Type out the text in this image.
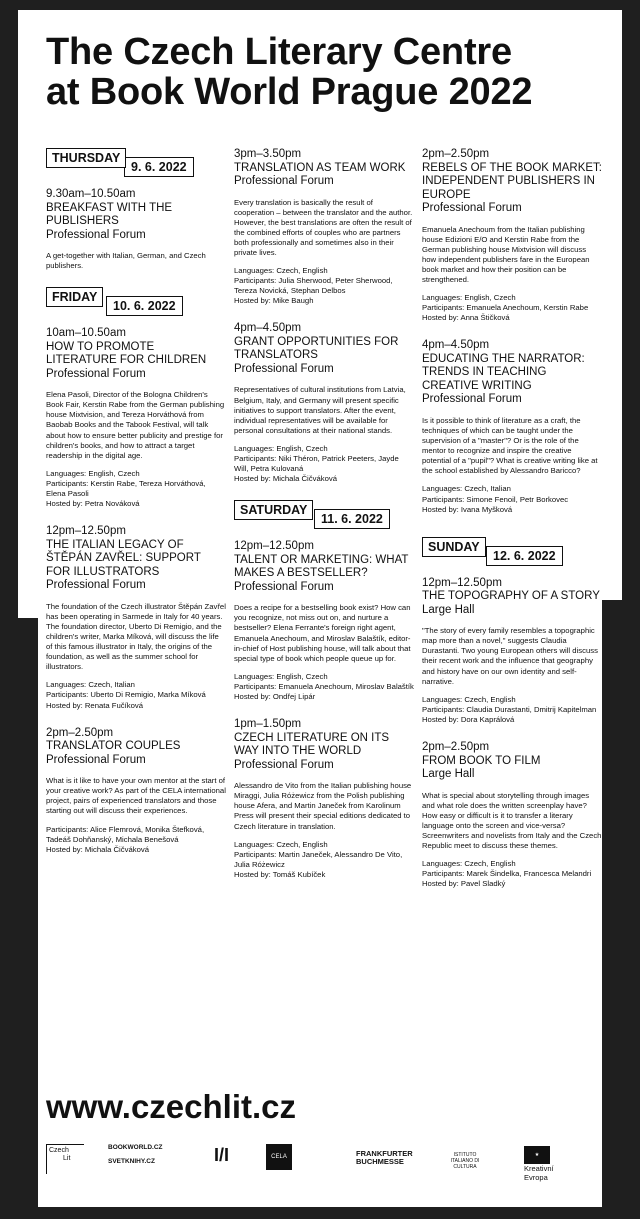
The Czech Literary Centre
at Book World Prague 2022
THURSDAY
9. 6. 2022
9.30am–10.50am
BREAKFAST WITH THE PUBLISHERS
Professional Forum

A get-together with Italian, German, and Czech publishers.

FRIDAY
10. 6. 2022
10am–10.50am
HOW TO PROMOTE LITERATURE FOR CHILDREN
Professional Forum

Elena Pasoli, Director of the Bologna Children's Book Fair, Kerstin Rabe from the German publishing house Mixtvision, and Tereza Horváthová from Baobab Books and the Tabook Festival, will talk about how to ensure better publicity and prestige for children's books, and how to attract a target readership in the digital age.

Languages: English, Czech
Participants: Kerstin Rabe, Tereza Horváthová, Elena Pasoli
Hosted by: Petra Nováková
12pm–12.50pm
THE ITALIAN LEGACY OF ŠTĚPÁN ZAVŘEL: SUPPORT FOR ILLUSTRATORS
Professional Forum

The foundation of the Czech illustrator Štěpán Zavřel has been operating in Sarmede in Italy for 40 years. The foundation director, Uberto Di Remigio, and the children's writer, Marka Míková, will discuss the life of this famous illustrator in Italy, the origins of the foundation, as well as the summer school for illustrators.

Languages: Czech, Italian
Participants: Uberto Di Remigio, Marka Míková
Hosted by: Renata Fučíková
2pm–2.50pm
TRANSLATOR COUPLES
Professional Forum

What is it like to have your own mentor at the start of your creative work? As part of the CELA international project, pairs of experienced translators and those starting out will discuss their experiences.

Participants: Alice Flemrová, Monika Štefková, Tadeáš Dohňanský, Michala Benešová
Hosted by: Michala Čičváková
3pm–3.50pm
TRANSLATION AS TEAM WORK
Professional Forum

Every translation is basically the result of cooperation – between the translator and the author. However, the best translations are often the result of the combined efforts of couples who are partners both professionally and sometimes also in their private lives.

Languages: Czech, English
Participants: Julia Sherwood, Peter Sherwood, Tereza Novická, Stephan Delbos
Hosted by: Mike Baugh
4pm–4.50pm
GRANT OPPORTUNITIES FOR TRANSLATORS
Professional Forum

Representatives of cultural institutions from Latvia, Belgium, Italy, and Germany will present specific initiatives to support translators. After the event, individual representatives will be available for personal consultations at their national stands.

Languages: English, Czech
Participants: Niki Théron, Patrick Peeters, Jayde Will, Petra Kulovaná
Hosted by: Michala Čičváková
SATURDAY
11. 6. 2022
12pm–12.50pm
TALENT OR MARKETING: WHAT MAKES A BESTSELLER?
Professional Forum

Does a recipe for a bestselling book exist? How can you recognize, not miss out on, and nurture a bestseller? Elena Ferrante's foreign right agent, Emanuela Anechoum, and Miroslav Balaštík, editor-in-chief of Host publishing house, will talk about that special type of book which people queue up for.

Languages: English, Czech
Participants: Emanuela Anechoum, Miroslav Balaštík
Hosted by: Ondřej Lipár
1pm–1.50pm
CZECH LITERATURE ON ITS WAY INTO THE WORLD
Professional Forum

Alessandro de Vito from the Italian publishing house Miraggi, Julia Różewicz from the Polish publishing house Afera, and Martin Janeček from Karolinum Press will present their special editions dedicated to Czech literature in translation.

Languages: Czech, English
Participants: Martin Janeček, Alessandro De Vito, Julia Różewicz
Hosted by: Tomáš Kubíček
2pm–2.50pm
REBELS OF THE BOOK MARKET: INDEPENDENT PUBLISHERS IN EUROPE
Professional Forum

Emanuela Anechoum from the Italian publishing house Edizioni E/O and Kerstin Rabe from the German publishing house Mixtvision will discuss how independent publishers fare in the European book market and how their position can be strengthened.

Languages: English, Czech
Participants: Emanuela Anechoum, Kerstin Rabe
Hosted by: Anna Štičková
4pm–4.50pm
EDUCATING THE NARRATOR: TRENDS IN TEACHING CREATIVE WRITING
Professional Forum

Is it possible to think of literature as a craft, the techniques of which can be taught under the supervision of a "master"? Or is the role of the mentor to recognize and inspire the creative potential of a "pupil"? What is creative writing like at the school established by Alessandro Baricco?

Languages: Czech, Italian
Participants: Simone Fenoil, Petr Borkovec
Hosted by: Ivana Myšková
SUNDAY
12. 6. 2022
12pm–12.50pm
THE TOPOGRAPHY OF A STORY
Large Hall

"The story of every family resembles a topographic map more than a novel," suggests Claudia Durastanti. Two young European others will discuss their recent work and the influence that geography and history have on our own identity and self-narrative.

Languages: Czech, English
Participants: Claudia Durastanti, Dmitrij Kapitelman
Hosted by: Dora Kaprálová
2pm–2.50pm
FROM BOOK TO FILM
Large Hall

What is special about storytelling through images and what role does the written screenplay have? How easy or difficult is it to transfer a literary language onto the screen and vice-versa? Screenwriters and novelists from Italy and the Czech Republic meet to discuss these themes.

Languages: Czech, English
Participants: Marek Šindelka, Francesca Melandri
Hosted by: Pavel Sladký
www.czechlit.cz
Czech
Lit
BOOKWORLD.CZ
SVETKNIHY.CZ	I/I	CELA	FRANKFURTER
BUCHMESSE
ISTITUTO ITALIANO DI CULTURA
★
Kreativní
Evropa
